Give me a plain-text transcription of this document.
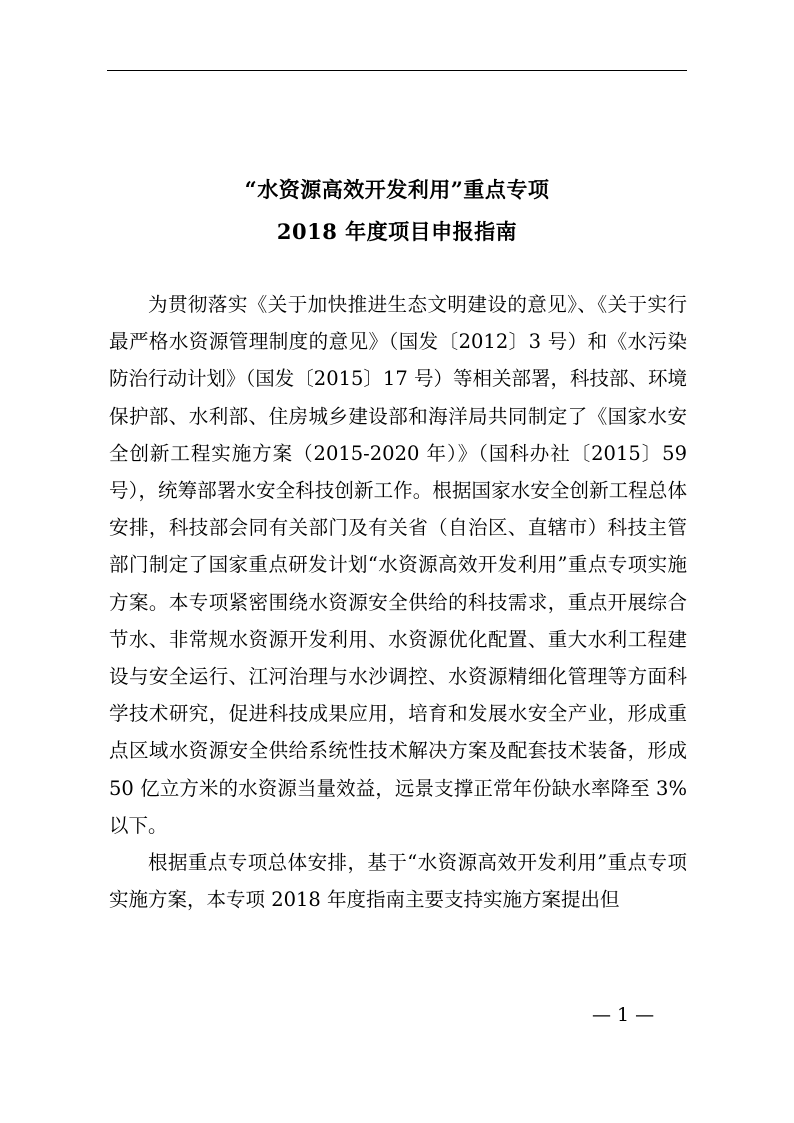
“水资源高效开发利用”重点专项
2018 年度项目申报指南

为贯彻落实《关于加快推进生态文明建设的意见》、《关于实行最严格水资源管理制度的意见》（国发〔2012〕3 号）和《水污染防治行动计划》（国发〔2015〕17 号）等相关部署，科技部、环境保护部、水利部、住房城乡建设部和海洋局共同制定了《国家水安全创新工程实施方案（2015-2020 年）》（国科办社〔2015〕59 号），统筹部署水安全科技创新工作。根据国家水安全创新工程总体安排，科技部会同有关部门及有关省（自治区、直辖市）科技主管部门制定了国家重点研发计划“水资源高效开发利用”重点专项实施方案。本专项紧密围绕水资源安全供给的科技需求，重点开展综合节水、非常规水资源开发利用、水资源优化配置、重大水利工程建设与安全运行、江河治理与水沙调控、水资源精细化管理等方面科学技术研究，促进科技成果应用，培育和发展水安全产业，形成重点区域水资源安全供给系统性技术解决方案及配套技术装备，形成 50 亿立方米的水资源当量效益，远景支撑正常年份缺水率降至 3%以下。

根据重点专项总体安排，基于“水资源高效开发利用”重点专项实施方案，本专项 2018 年度指南主要支持实施方案提出但

— 1 —
